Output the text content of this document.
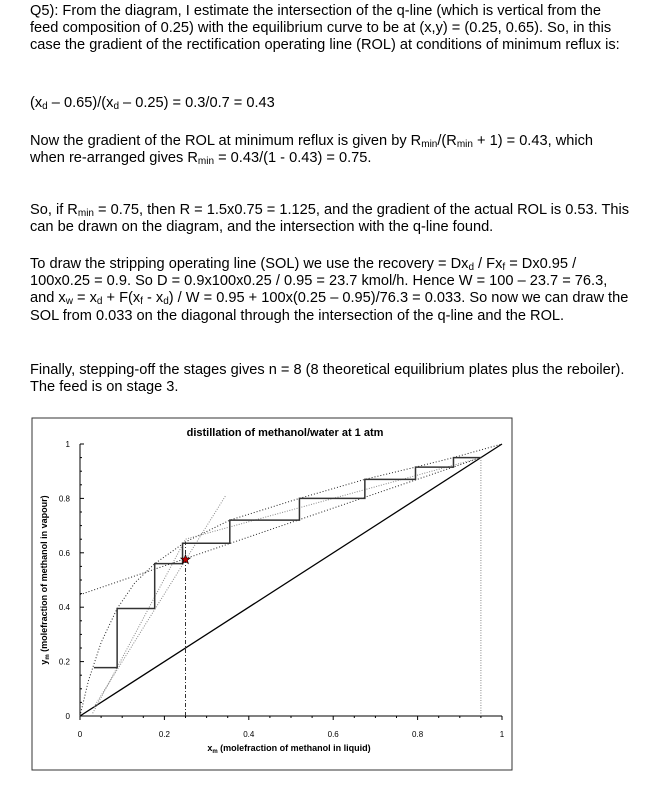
Q5): From the diagram, I estimate the intersection of the q-line (which is vertical from the feed composition of 0.25) with the equilibrium curve to be at (x,y) = (0.25, 0.65). So, in this case the gradient of the rectification operating line (ROL) at conditions of minimum reflux is:
$(x_d - 0.65)/(x_d - 0.25) = 0.3/0.7 = 0.43$
Now the gradient of the ROL at minimum reflux is given by $R_{min}/(R_{min} + 1) = 0.43$, which when re-arranged gives $R_{min} = 0.43/(1 - 0.43) = 0.75$.
So, if $R_{min} = 0.75$, then R = 1.5x0.75 = 1.125, and the gradient of the actual ROL is 0.53. This can be drawn on the diagram, and the intersection with the q-line found.
To draw the stripping operating line (SOL) we use the recovery = $Dx_d / Fx_f = Dx0.95 / 100x0.25 = 0.9$. So D = 0.9x100x0.25 / 0.95 = 23.7 kmol/h. Hence W = 100 – 23.7 = 76.3, and $x_w = x_d + F(x_f - x_d) / W = 0.95 + 100x(0.25 - 0.95)/76.3 = 0.033$. So now we can draw the SOL from 0.033 on the diagonal through the intersection of the q-line and the ROL.
Finally, stepping-off the stages gives n = 8 (8 theoretical equilibrium plates plus the reboiler). The feed is on stage 3.
distillation of methanol/water at 1 atm
0	0.2	0.4	0.6	0.8	1
0
0.2
0.4
0.6
0.8
1
$x_m$ (molefraction of methanol in liquid)
$y_m$ (molefraction of methanol in vapour)
